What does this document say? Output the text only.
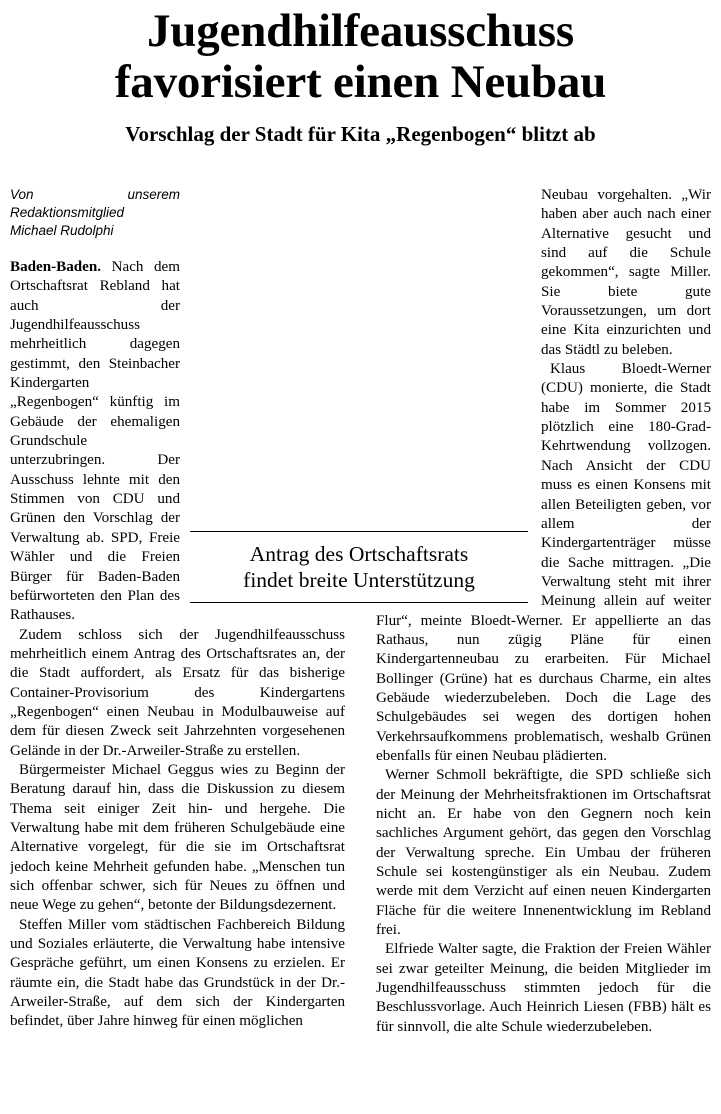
Jugendhilfeausschuss
favorisiert einen Neubau
Vorschlag der Stadt für Kita „Regenbogen“ blitzt ab
Von unserem Redaktionsmitglied
Michael Rudolphi

Baden-Baden. Nach dem Ortschaftsrat Rebland hat auch der Jugendhilfeausschuss mehrheitlich dagegen gestimmt, den Steinbacher Kindergarten „Regenbogen“ künftig im Gebäude der ehemaligen Grundschule unterzubringen. Der Ausschuss lehnte mit den Stimmen von CDU und Grünen den Vorschlag der Verwaltung ab. SPD, Freie Wähler und die Freien Bürger für Baden-Baden befürworteten den Plan des Rathauses.

Zudem schloss sich der Jugendhilfeausschuss mehrheitlich einem Antrag des Ortschaftsrates an, der die Stadt auffordert, als Ersatz für das bisherige Container-Provisorium des Kindergartens „Regenbogen“ einen Neubau in Modulbauweise auf dem für diesen Zweck seit Jahrzehnten vorgesehenen Gelände in der Dr.-Arweiler-Straße zu erstellen.

Bürgermeister Michael Geggus wies zu Beginn der Beratung darauf hin, dass die Diskussion zu diesem Thema seit einiger Zeit hin- und hergehe. Die Verwaltung habe mit dem früheren Schulgebäude eine Alternative vorgelegt, für die sie im Ortschaftsrat jedoch keine Mehrheit gefunden habe. „Menschen tun sich offenbar schwer, sich für Neues zu öffnen und neue Wege zu gehen“, betonte der Bildungsdezernent.

Steffen Miller vom städtischen Fachbereich Bildung und Soziales erläuterte, die Verwaltung habe intensive Gespräche geführt, um einen Konsens zu erzielen. Er räumte ein, die Stadt habe das Grundstück in der Dr.-Arweiler-Straße, auf dem sich der Kindergarten befindet, über Jahre hinweg für einen möglichen

Neubau vorgehalten. „Wir haben aber auch nach einer Alternative gesucht und sind auf die Schule gekommen“, sagte Miller. Sie biete gute Voraussetzungen, um dort eine Kita einzurichten und das Städtl zu beleben.

Klaus Bloedt-Werner (CDU) monierte, die Stadt habe im Sommer 2015 plötzlich eine 180-Grad-Kehrtwendung vollzogen. Nach Ansicht der CDU muss es einen Konsens mit allen Beteiligten geben, vor allem der Kindergartenträger müsse die Sache mittragen. „Die Verwaltung steht mit ihrer Meinung allein auf weiter Flur“, meinte Bloedt-Werner. Er appellierte an das Rathaus, nun zügig Pläne für einen Kindergartenneubau zu erarbeiten. Für Michael Bollinger (Grüne) hat es durchaus Charme, ein altes Gebäude wiederzubeleben. Doch die Lage des Schulgebäudes sei wegen des dortigen hohen Verkehrsaufkommens problematisch, weshalb Grünen ebenfalls für einen Neubau plädierten.

Werner Schmoll bekräftigte, die SPD schließe sich der Meinung der Mehrheitsfraktionen im Ortschaftsrat nicht an. Er habe von den Gegnern noch kein sachliches Argument gehört, das gegen den Vorschlag der Verwaltung spreche. Ein Umbau der früheren Schule sei kostengünstiger als ein Neubau. Zudem werde mit dem Verzicht auf einen neuen Kindergarten Fläche für die weitere Innenentwicklung im Rebland frei.

Elfriede Walter sagte, die Fraktion der Freien Wähler sei zwar geteilter Meinung, die beiden Mitglieder im Jugendhilfeausschuss stimmten jedoch für die Beschlussvorlage. Auch Heinrich Liesen (FBB) hält es für sinnvoll, die alte Schule wiederzubeleben.

Antrag des Ortschaftsrats
findet breite Unterstützung
